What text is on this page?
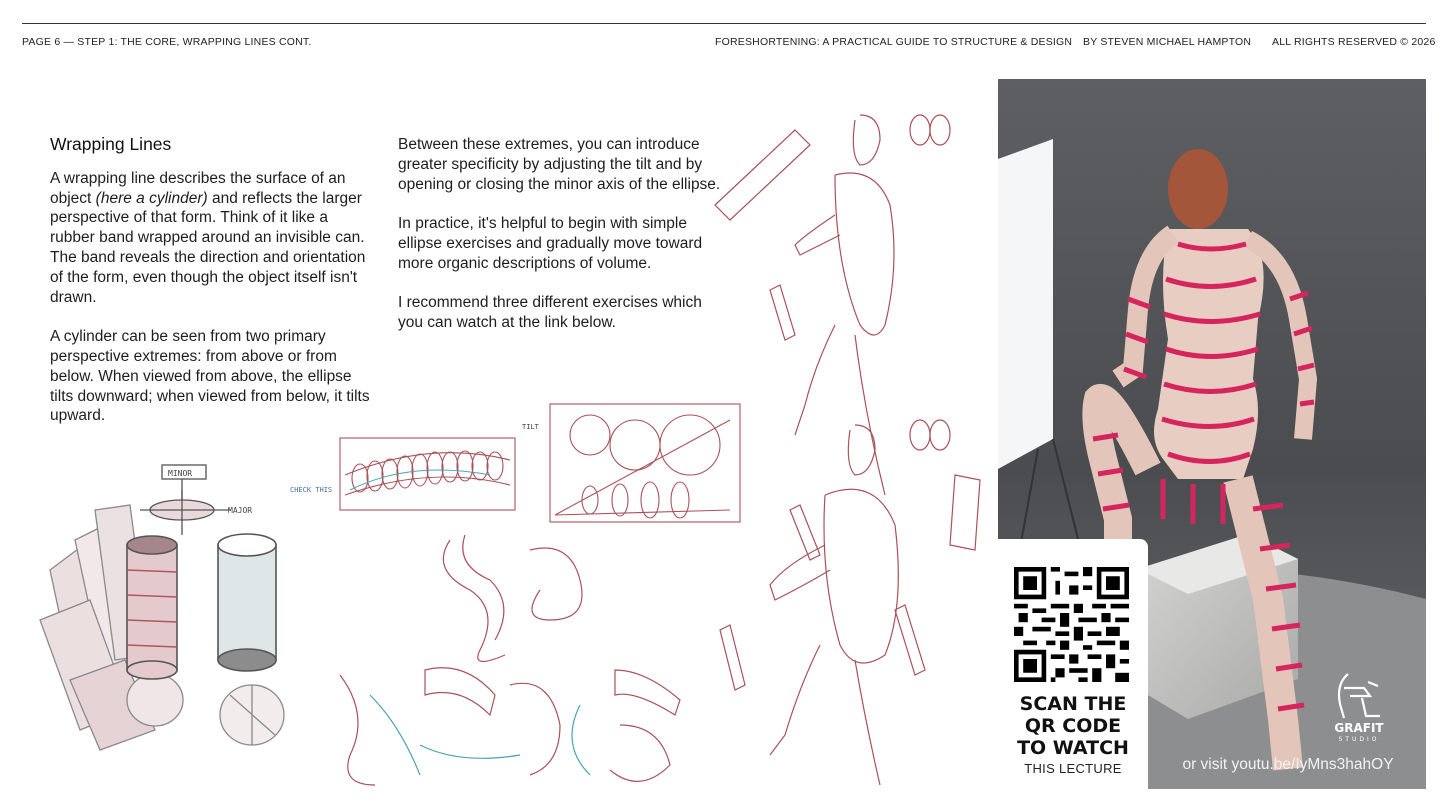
PAGE 6 — STEP 1: THE CORE, WRAPPING LINES CONT.	FORESHORTENING: A PRACTICAL GUIDE TO STRUCTURE & DESIGN BY STEVEN MICHAEL HAMPTON ALL RIGHTS RESERVED © 2026
Wrapping Lines

A wrapping line describes the surface of an object (here a cylinder) and reflects the larger perspective of that form. Think of it like a rubber band wrapped around an invisible can. The band reveals the direction and orientation of the form, even though the object itself isn't drawn.

A cylinder can be seen from two primary perspective extremes: from above or from below. When viewed from above, the ellipse tilts downward; when viewed from below, it tilts upward.

Between these extremes, you can introduce greater specificity by adjusting the tilt and by opening or closing the minor axis of the ellipse.

In practice, it's helpful to begin with simple ellipse exercises and gradually move toward more organic descriptions of volume.

I recommend three different exercises which you can watch at the link below.

MINOR
MAJOR
CHECK THIS
TILT
SCAN THE
QR CODE
TO WATCH
THIS LECTURE
GRAFIT
STUDIO
or visit youtu.be/IyMns3hahOY
